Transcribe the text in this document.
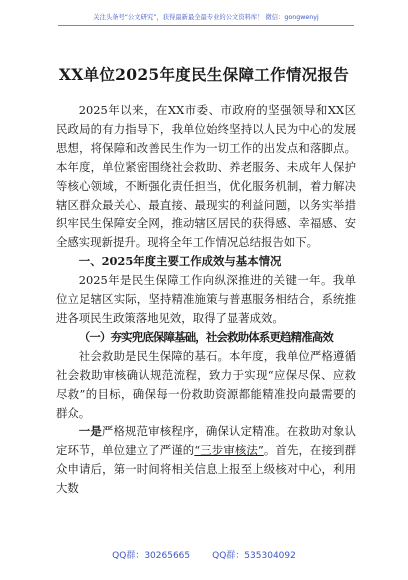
关注头条号“公文研究”，获得最新最全最专业的公文资料库！ 微信：gongwenyj
XX单位2025年度民生保障工作情况报告

2025年以来，在XX市委、市政府的坚强领导和XX区民政局的有力指导下，我单位始终坚持以人民为中心的发展思想，将保障和改善民生作为一切工作的出发点和落脚点。本年度，单位紧密围绕社会救助、养老服务、未成年人保护等核心领域，不断强化责任担当，优化服务机制，着力解决辖区群众最关心、最直接、最现实的利益问题，以务实举措织牢民生保障安全网，推动辖区居民的获得感、幸福感、安全感实现新提升。现将全年工作情况总结报告如下。

一、2025年度主要工作成效与基本情况

2025年是民生保障工作向纵深推进的关键一年。我单位立足辖区实际，坚持精准施策与普惠服务相结合，系统推进各项民生政策落地见效，取得了显著成效。

（一）夯实兜底保障基础，社会救助体系更趋精准高效

社会救助是民生保障的基石。本年度，我单位严格遵循社会救助审核确认规范流程，致力于实现“应保尽保、应救尽救”的目标，确保每一份救助资源都能精准投向最需要的群众。

一是严格规范审核程序，确保认定精准。在救助对象认定环节，单位建立了严谨的“三步审核法”。首先，在接到群众申请后，第一时间将相关信息上报至上级核对中心，利用大数

QQ群：30265665 QQ群：535304092
